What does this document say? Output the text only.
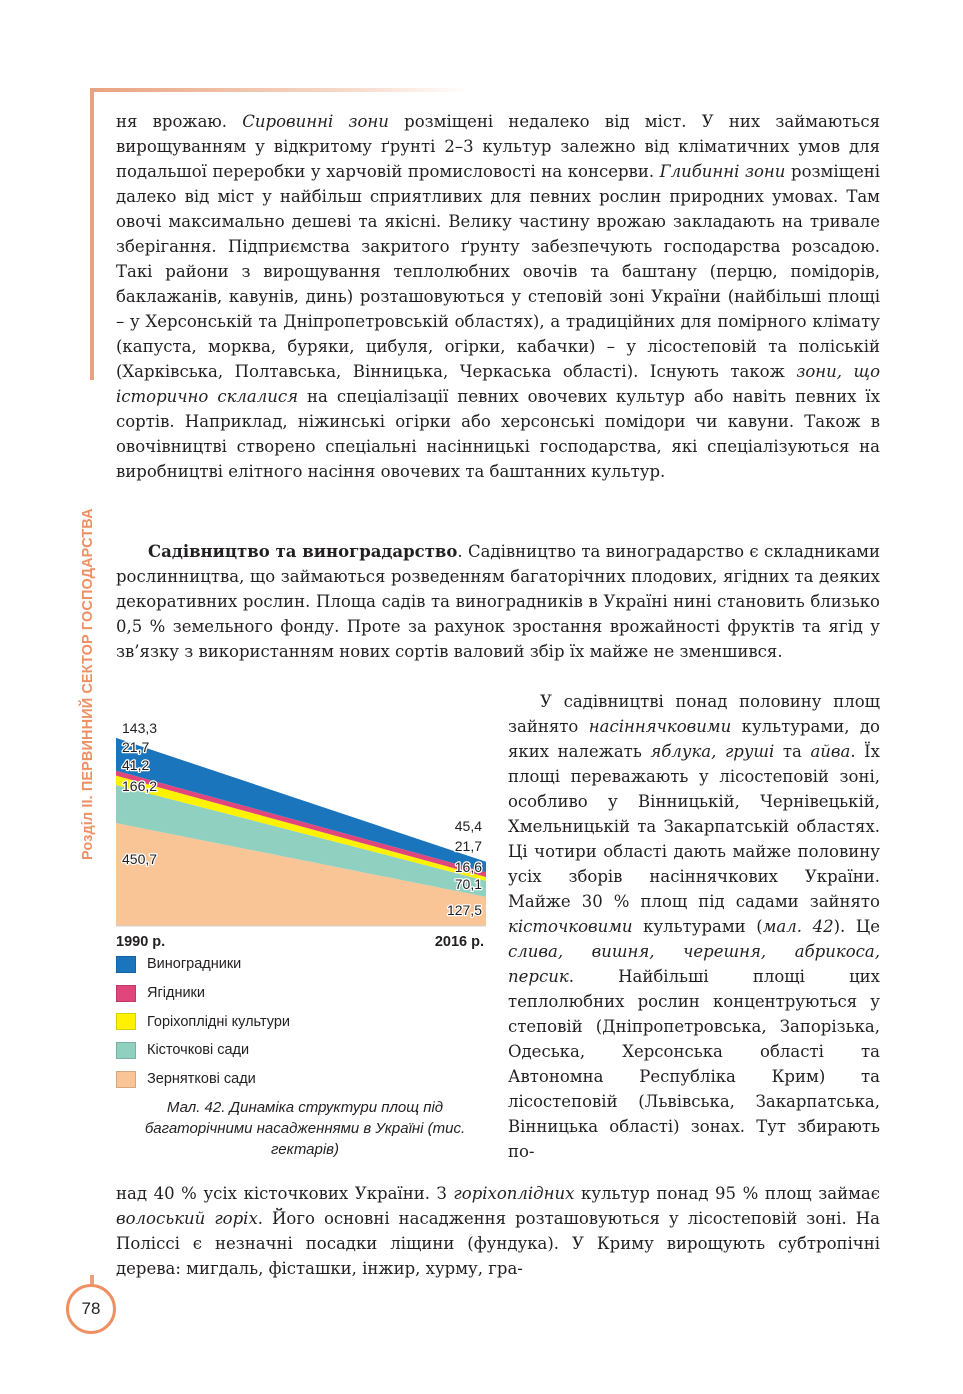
Розділ II. ПЕРВИННИЙ СЕКТОР ГОСПОДАРСТВА

ня врожаю. Сировинні зони розміщені недалеко від міст. У них займаються вирощуванням у відкритому ґрунті 2–3 культур залежно від кліматичних умов для подальшої переробки у харчовій промисловості на консерви. Глибинні зони розміщені далеко від міст у найбільш сприятливих для певних рослин природних умовах. Там овочі максимально дешеві та якісні. Велику частину врожаю закладають на тривале зберігання. Підприємства закритого ґрунту забезпечують господарства розсадою. Такі райони з вирощування теплолюбних овочів та баштану (перцю, помідорів, баклажанів, кавунів, динь) розташовуються у степовій зоні України (найбільші площі – у Херсонській та Дніпропетровській областях), а традиційних для помірного клімату (капуста, морква, буряки, цибуля, огірки, кабачки) – у лісостеповій та поліській (Харківська, Полтавська, Вінницька, Черкаська області). Існують також зони, що історично склалися на спеціалізації певних овочевих культур або навіть певних їх сортів. Наприклад, ніжинські огірки або херсонські помідори чи кавуни. Також в овочівництві створено спеціальні насінницькі господарства, які спеціалізуються на виробництві елітного насіння овочевих та баштанних культур.

Садівництво та виноградарство. Садівництво та виноградарство є складниками рослинництва, що займаються розведенням багаторічних плодових, ягідних та деяких декоративних рослин. Площа садів та виноградників в Україні нині становить близько 0,5 % земельного фонду. Проте за рахунок зростання врожайності фруктів та ягід у зв’язку з використанням нових сортів валовий збір їх майже не зменшився.

143,3
45,4
21,7
21,7
41,2
16,6
166,2
70,1
450,7
127,5
1990 р.	2016 р.
Виноградники
Ягідники
Горіхоплідні культури
Кісточкові сади
Зерняткові сади
Мал. 42. Динаміка структури площ під багаторічними насадженнями в Україні (тис. гектарів)

У садівництві понад половину площ зайнято насіннячковими культурами, до яких належать яблука, груші та айва. Їх площі переважають у лісостеповій зоні, особливо у Вінницькій, Чернівецькій, Хмельницькій та Закарпатській областях. Ці чотири області дають майже половину усіх зборів насіннячкових України. Майже 30 % площ під садами зайнято кісточковими культурами (мал. 42). Це слива, вишня, черешня, абрикоса, персик. Найбільші площі цих теплолюбних рослин концентруються у степовій (Дніпропетровська, Запорізька, Одеська, Херсонська області та Автономна Республіка Крим) та лісостеповій (Львівська, Закарпатська, Вінницька області) зонах. Тут збирають по-

над 40 % усіх кісточкових України. З горіхоплідних культур понад 95 % площ займає волоський горіх. Його основні насадження розташовуються у лісостеповій зоні. На Поліссі є незначні посадки ліщини (фундука). У Криму вирощують субтропічні дерева: мигдаль, фісташки, інжир, хурму, гра-

78
